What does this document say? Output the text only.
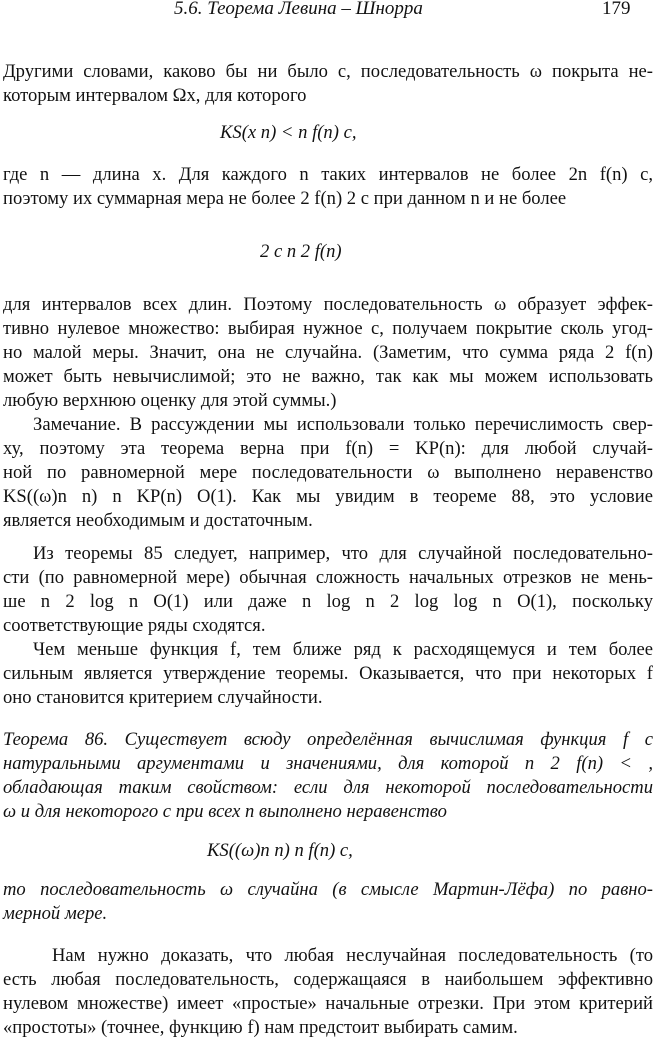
5.6. Теорема Левина – Шнорра	179
Другими словами, каково бы ни было c, последовательность ω покрыта не-
которым интервалом Ωx, для которого
KS(x n) < n f(n) c,
где n — длина x. Для каждого n таких интервалов не более 2n f(n) c,
поэтому их суммарная мера не более 2 f(n) 2 c при данном n и не более
2 c n 2 f(n)
для интервалов всех длин. Поэтому последовательность ω образует эффек-
тивно нулевое множество: выбирая нужное c, получаем покрытие сколь угод-
но малой меры. Значит, она не случайна. (Заметим, что сумма ряда 2 f(n)
может быть невычислимой; это не важно, так как мы можем использовать
любую верхнюю оценку для этой суммы.)
Замечание. В рассуждении мы использовали только перечислимость свер-
ху, поэтому эта теорема верна при f(n) = KP(n): для любой случай-
ной по равномерной мере последовательности ω выполнено неравенство
KS((ω)n n) n KP(n) O(1). Как мы увидим в теореме 88, это условие
является необходимым и достаточным.
Из теоремы 85 следует, например, что для случайной последовательно-
сти (по равномерной мере) обычная сложность начальных отрезков не мень-
ше n 2 log n O(1) или даже n log n 2 log log n O(1), поскольку
соответствующие ряды сходятся.
Чем меньше функция f, тем ближе ряд к расходящемуся и тем более
сильным является утверждение теоремы. Оказывается, что при некоторых f
оно становится критерием случайности.
Теорема 86. Существует всюду определённая вычислимая функция f с
натуральными аргументами и значениями, для которой n 2 f(n) < ,
обладающая таким свойством: если для некоторой последовательности
ω и для некоторого c при всех n выполнено неравенство
KS((ω)n n) n f(n) c,
то последовательность ω случайна (в смысле Мартин-Лёфа) по равно-
мерной мере.
Нам нужно доказать, что любая неслучайная последовательность (то
есть любая последовательность, содержащаяся в наибольшем эффективно
нулевом множестве) имеет «простые» начальные отрезки. При этом критерий
«простоты» (точнее, функцию f) нам предстоит выбирать самим.
